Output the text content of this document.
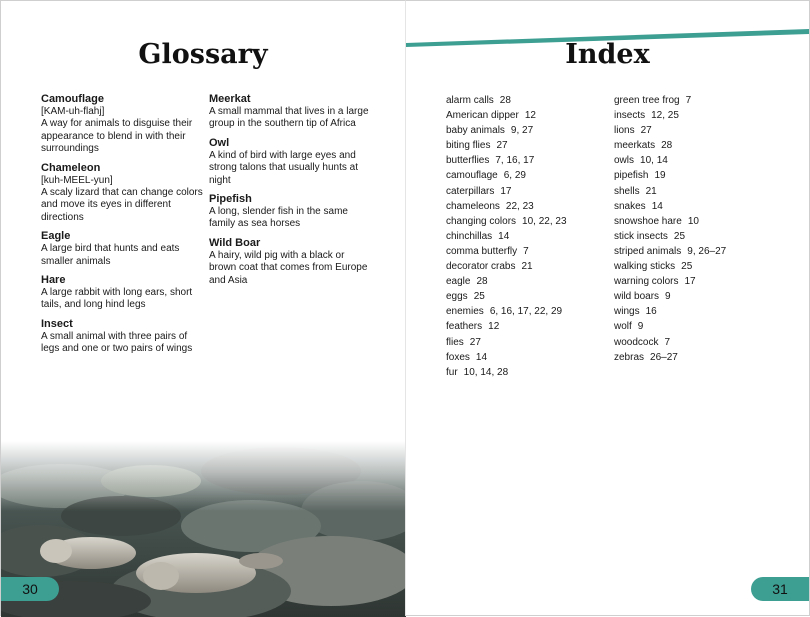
Glossary
Camouflage
[KAM-uh-flahj]
A way for animals to disguise their appearance to blend in with their surroundings
Chameleon
[kuh-MEEL-yun]
A scaly lizard that can change colors and move its eyes in different directions
Eagle
A large bird that hunts and eats smaller animals
Hare
A large rabbit with long ears, short tails, and long hind legs
Insect
A small animal with three pairs of legs and one or two pairs of wings
Meerkat
A small mammal that lives in a large group in the southern tip of Africa
Owl
A kind of bird with large eyes and strong talons that usually hunts at night
Pipefish
A long, slender fish in the same family as sea horses
Wild Boar
A hairy, wild pig with a black or brown coat that comes from Europe and Asia
30
Index
alarm calls 28
American dipper 12
baby animals 9, 27
biting flies 27
butterflies 7, 16, 17
camouflage 6, 29
caterpillars 17
chameleons 22, 23
changing colors 10, 22, 23
chinchillas 14
comma butterfly 7
decorator crabs 21
eagle 28
eggs 25
enemies 6, 16, 17, 22, 29
feathers 12
flies 27
foxes 14
fur 10, 14, 28
green tree frog 7
insects 12, 25
lions 27
meerkats 28
owls 10, 14
pipefish 19
shells 21
snakes 14
snowshoe hare 10
stick insects 25
striped animals 9, 26–27
walking sticks 25
warning colors 17
wild boars 9
wings 16
wolf 9
woodcock 7
zebras 26–27
31
